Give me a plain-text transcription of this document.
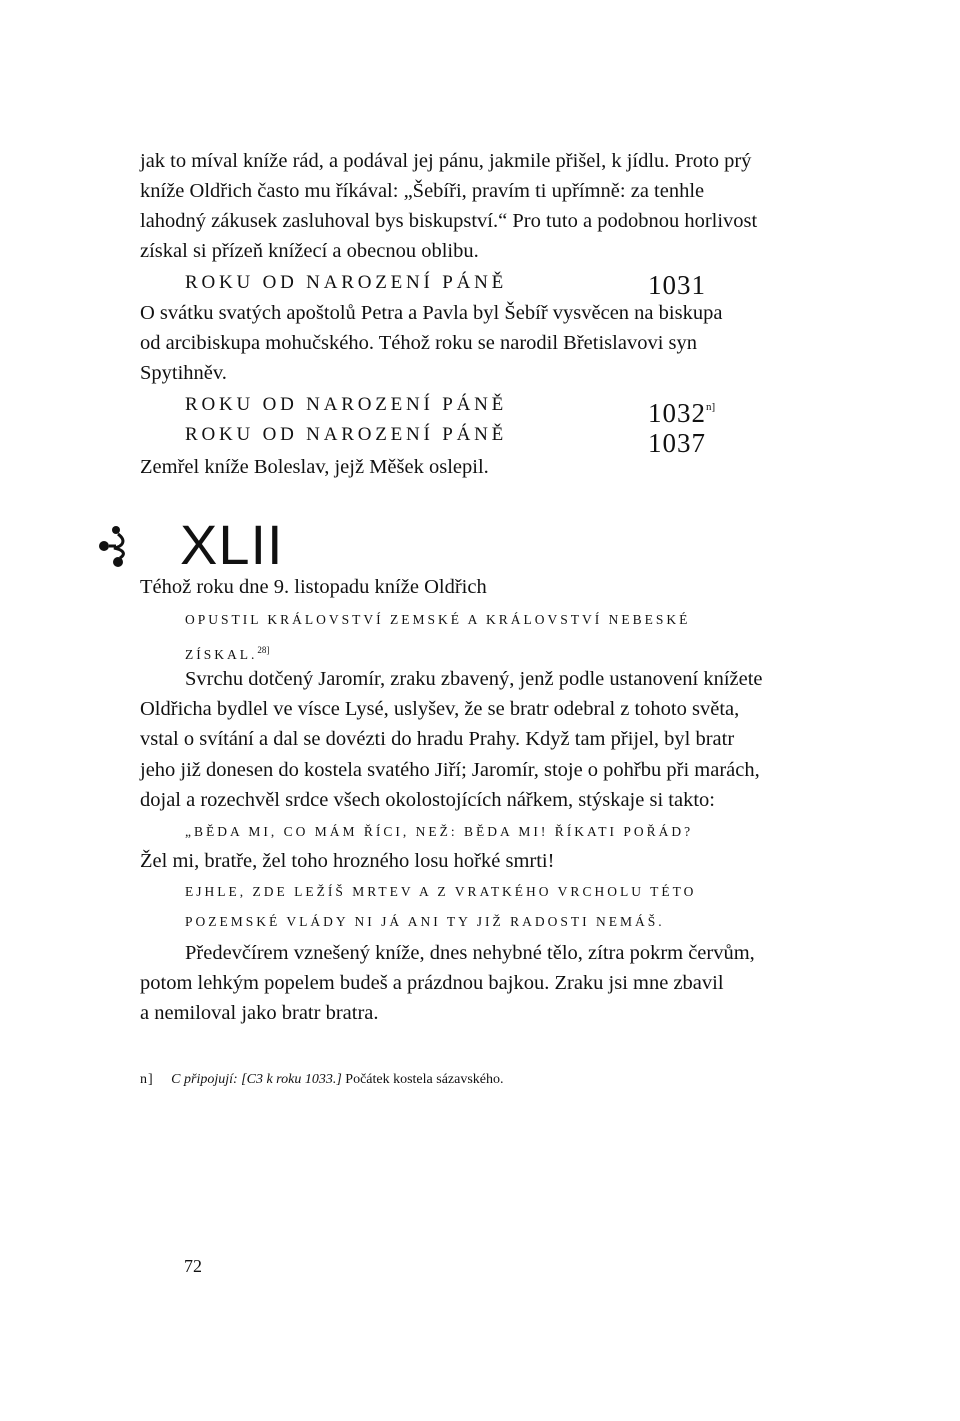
jak to míval kníže rád, a podával jej pánu, jakmile přišel, k jídlu. Proto prý
kníže Oldřich často mu říkával: „Šebíři, pravím ti upřímně: za tenhle
lahodný zákusek zasluhoval bys biskupství.“ Pro tuto a podobnou horlivost
získal si přízeň knížecí a obecnou oblibu.
ROKU OD NAROZENÍ PÁNĚ	1031
O svátku svatých apoštolů Petra a Pavla byl Šebíř vysvěcen na biskupa
od arcibiskupa mohučského. Téhož roku se narodil Břetislavovi syn
Spytihněv.
ROKU OD NAROZENÍ PÁNĚ	$1032^{n]}$
ROKU OD NAROZENÍ PÁNĚ	1037
Zemřel kníže Boleslav, jejž Měšek oslepil.
XLII
Téhož roku dne 9. listopadu kníže Oldřich
OPUSTIL KRÁLOVSTVÍ ZEMSKÉ A KRÁLOVSTVÍ NEBESKÉ
ZÍSKAL.$^{28]}$
Svrchu dotčený Jaromír, zraku zbavený, jenž podle ustanovení knížete
Oldřicha bydlel ve vísce Lysé, uslyšev, že se bratr odebral z tohoto světa,
vstal o svítání a dal se dovézti do hradu Prahy. Když tam přijel, byl bratr
jeho již donesen do kostela svatého Jiří; Jaromír, stoje o pohřbu při marách,
dojal a rozechvěl srdce všech okolostojících nářkem, stýskaje si takto:
„BĚDA MI, CO MÁM ŘÍCI, NEŽ: BĚDA MI! ŘÍKATI POŘÁD?
Žel mi, bratře, žel toho hrozného losu hořké smrti!
EJHLE, ZDE LEŽÍŠ MRTEV A Z VRATKÉHO VRCHOLU TÉTO
POZEMSKÉ VLÁDY NI JÁ ANI TY JIŽ RADOSTI NEMÁŠ.
Předevčírem vznešený kníže, dnes nehybné tělo, zítra pokrm červům,
potom lehkým popelem budeš a prázdnou bajkou. Zraku jsi mne zbavil
a nemiloval jako bratr bratra.
n] C připojují: [C3 k roku 1033.] Počátek kostela sázavského.
72
